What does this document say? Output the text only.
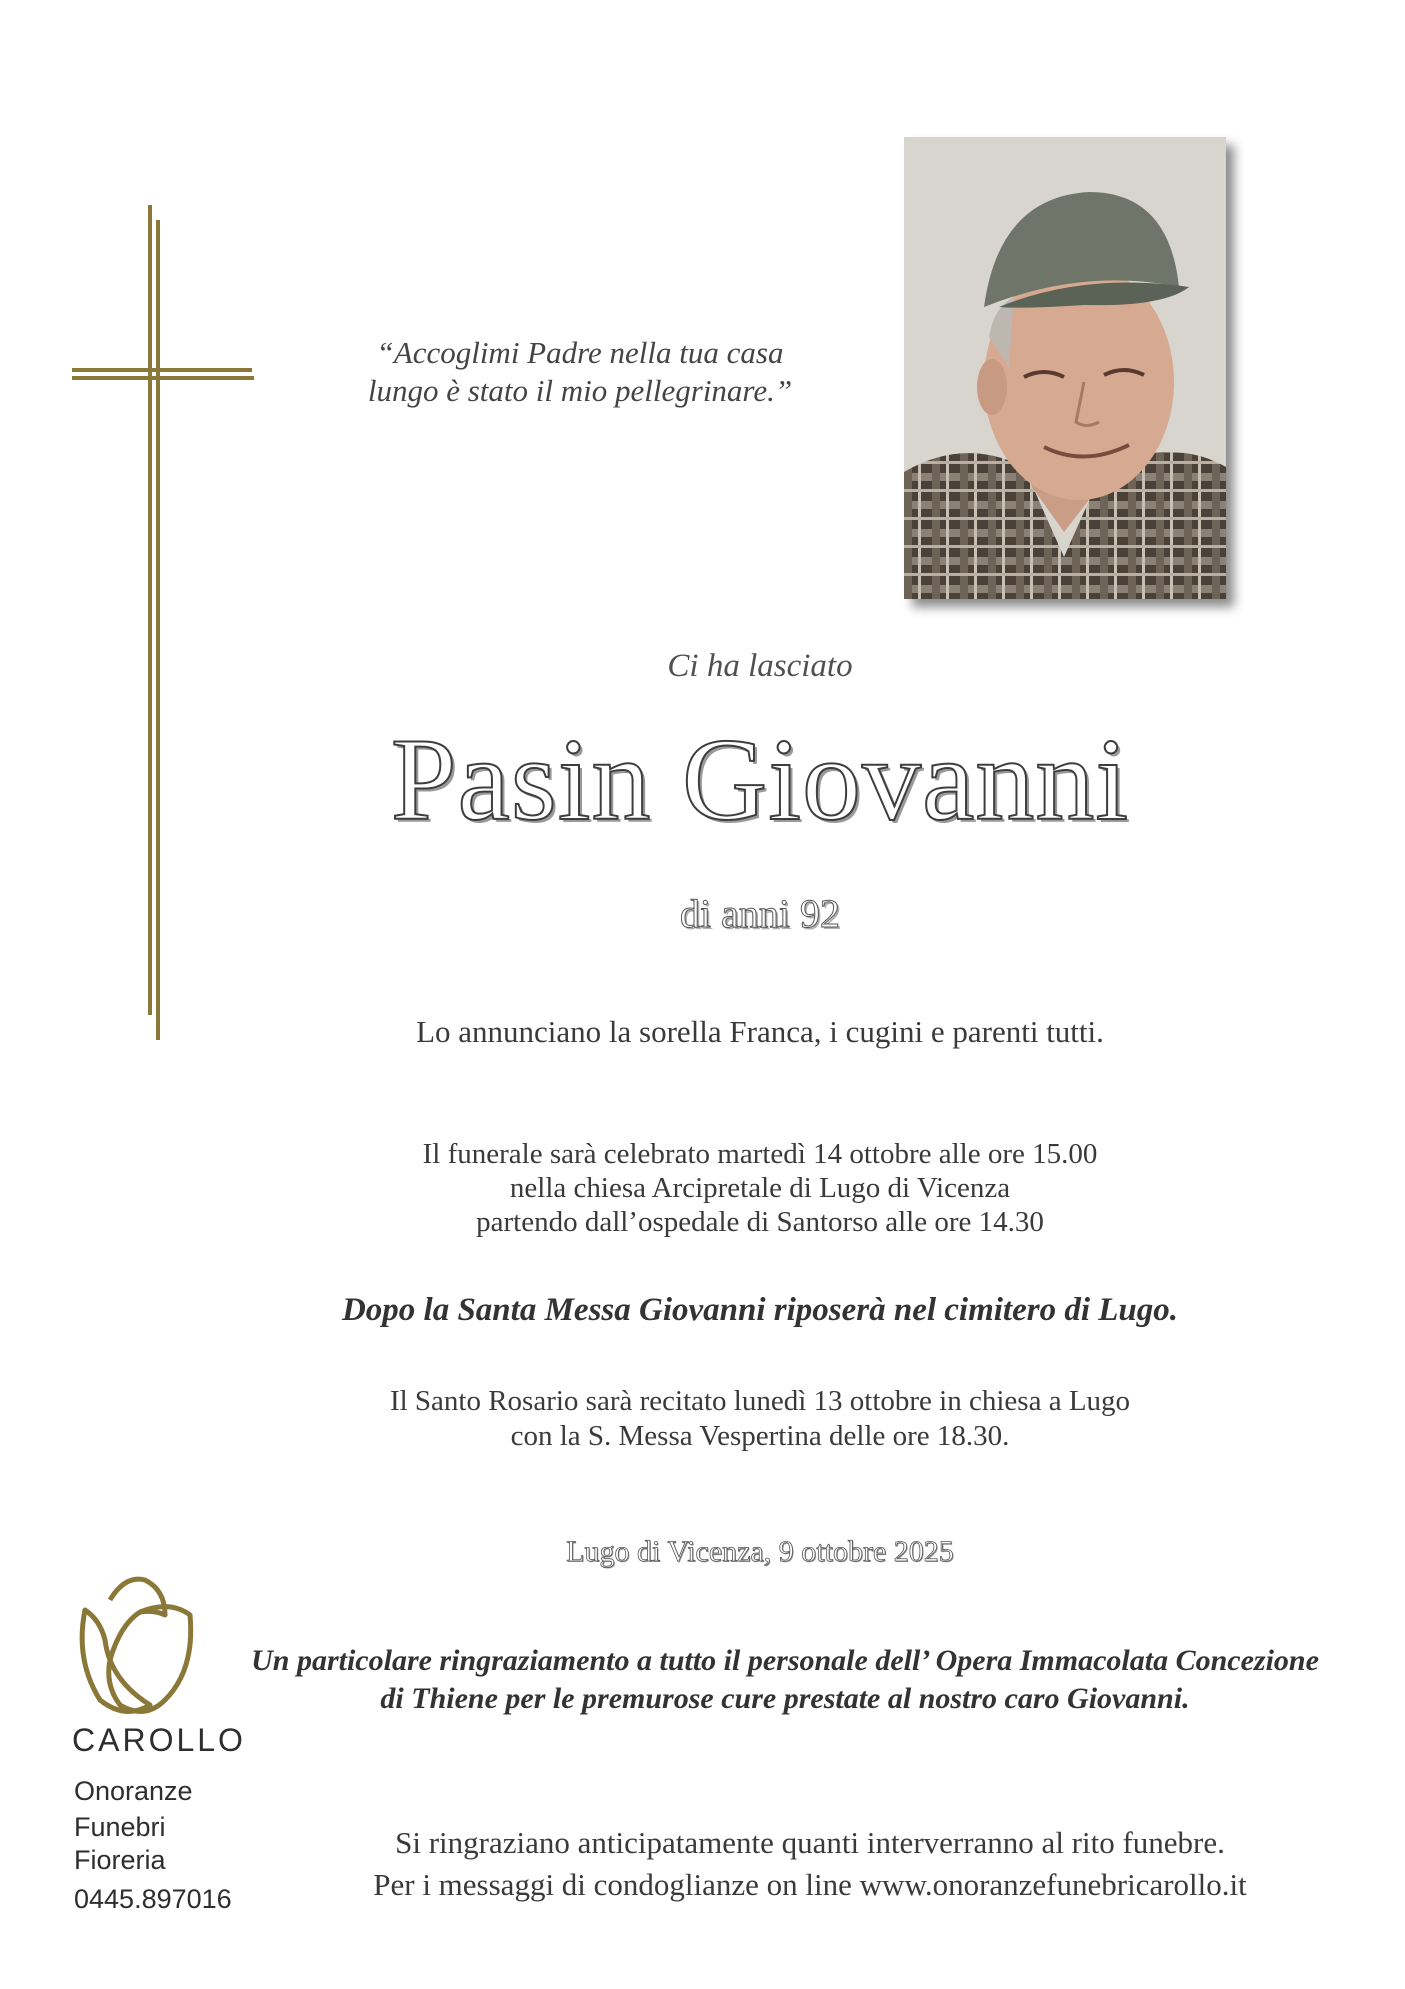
“Accoglimi Padre nella tua casa
lungo è stato il mio pellegrinare.”
Ci ha lasciato
Pasin Giovanni
di anni 92
Lo annunciano la sorella Franca, i cugini e parenti tutti.
Il funerale sarà celebrato martedì 14 ottobre alle ore 15.00
nella chiesa Arcipretale di Lugo di Vicenza
partendo dall’ospedale di Santorso alle ore 14.30
Dopo la Santa Messa Giovanni riposerà nel cimitero di Lugo.
Il Santo Rosario sarà recitato lunedì 13 ottobre in chiesa a Lugo
con la S. Messa Vespertina delle ore 18.30.
Lugo di Vicenza, 9 ottobre 2025
Un particolare ringraziamento a tutto il personale dell’ Opera Immacolata Concezione
di Thiene per le premurose cure prestate al nostro caro Giovanni.
Si ringraziano anticipatamente quanti interverranno al rito funebre.
Per i messaggi di condoglianze on line www.onoranzefunebricarollo.it
CAROLLO
Onoranze
Funebri
Fioreria
0445.897016
